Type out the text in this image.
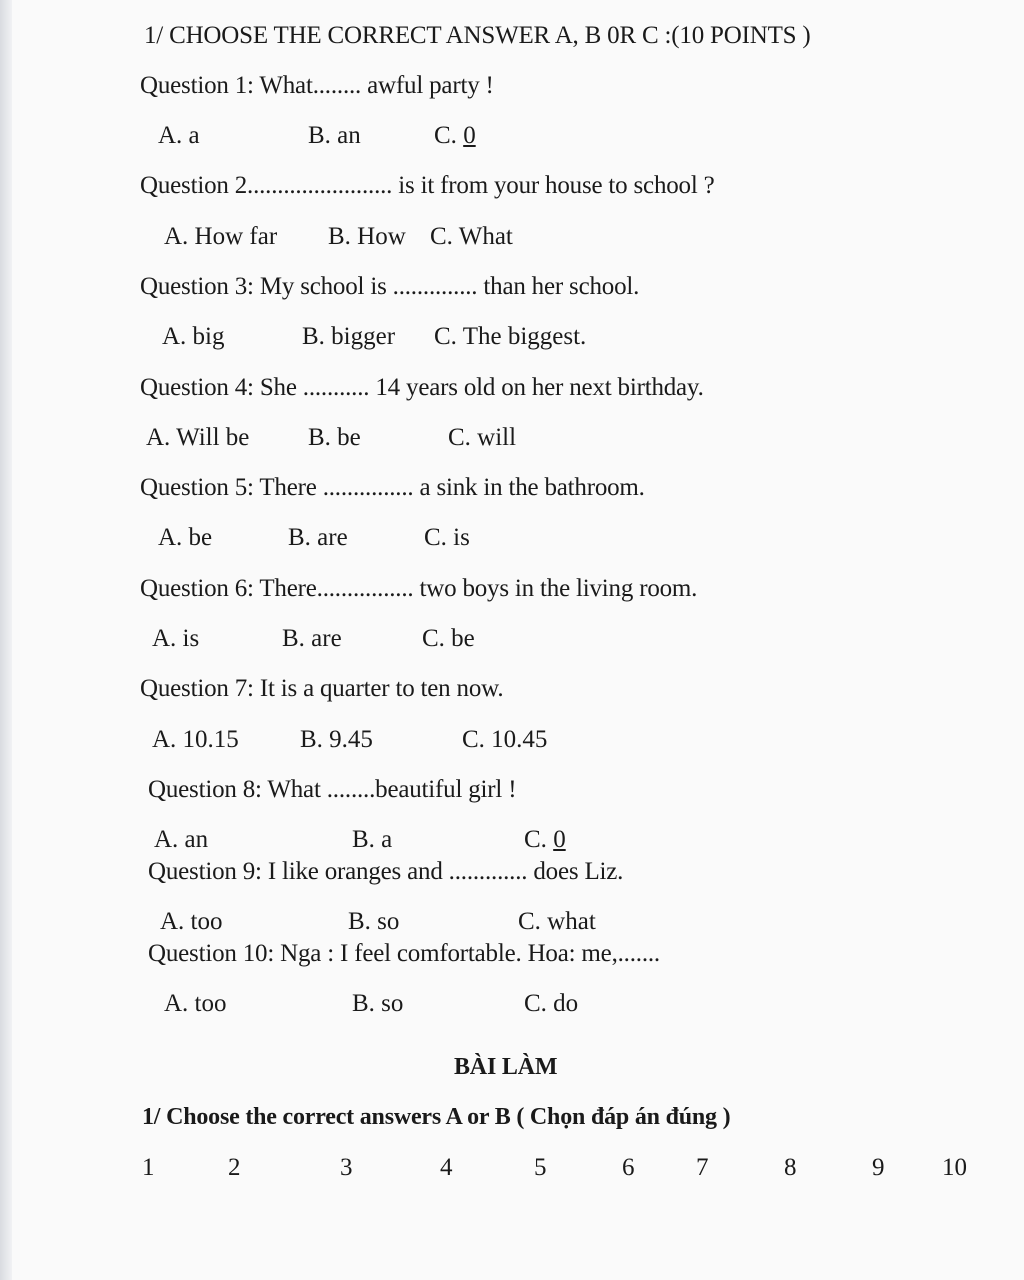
1/ CHOOSE THE CORRECT ANSWER A, B 0R C :(10 POINTS )
Question 1: What........ awful party !
A. a	B. an	C. 0
Question 2........................ is it from your house to school ?
A. How far B. How C. What
Question 3: My school is .............. than her school.
A. big	B. bigger C. The biggest.
Question 4: She ........... 14 years old on her next birthday.
A. Will be B. be	C. will
Question 5: There ............... a sink in the bathroom.
A. be	B. are	C. is
Question 6: There................ two boys in the living room.
A. is	B. are	C. be
Question 7: It is a quarter to ten now.
A. 10.15 B. 9.45	C. 10.45
Question 8: What ........beautiful girl !
A. an	B. a	C. 0
Question 9: I like oranges and ............. does Liz.
A. too	B. so	C. what
Question 10: Nga : I feel comfortable. Hoa: me,.......
A. too	B. so	C. do
BÀI LÀM
1/ Choose the correct answers A or B ( Chọn đáp án đúng )
1	2	3	4	5	6 7	8	9 10
